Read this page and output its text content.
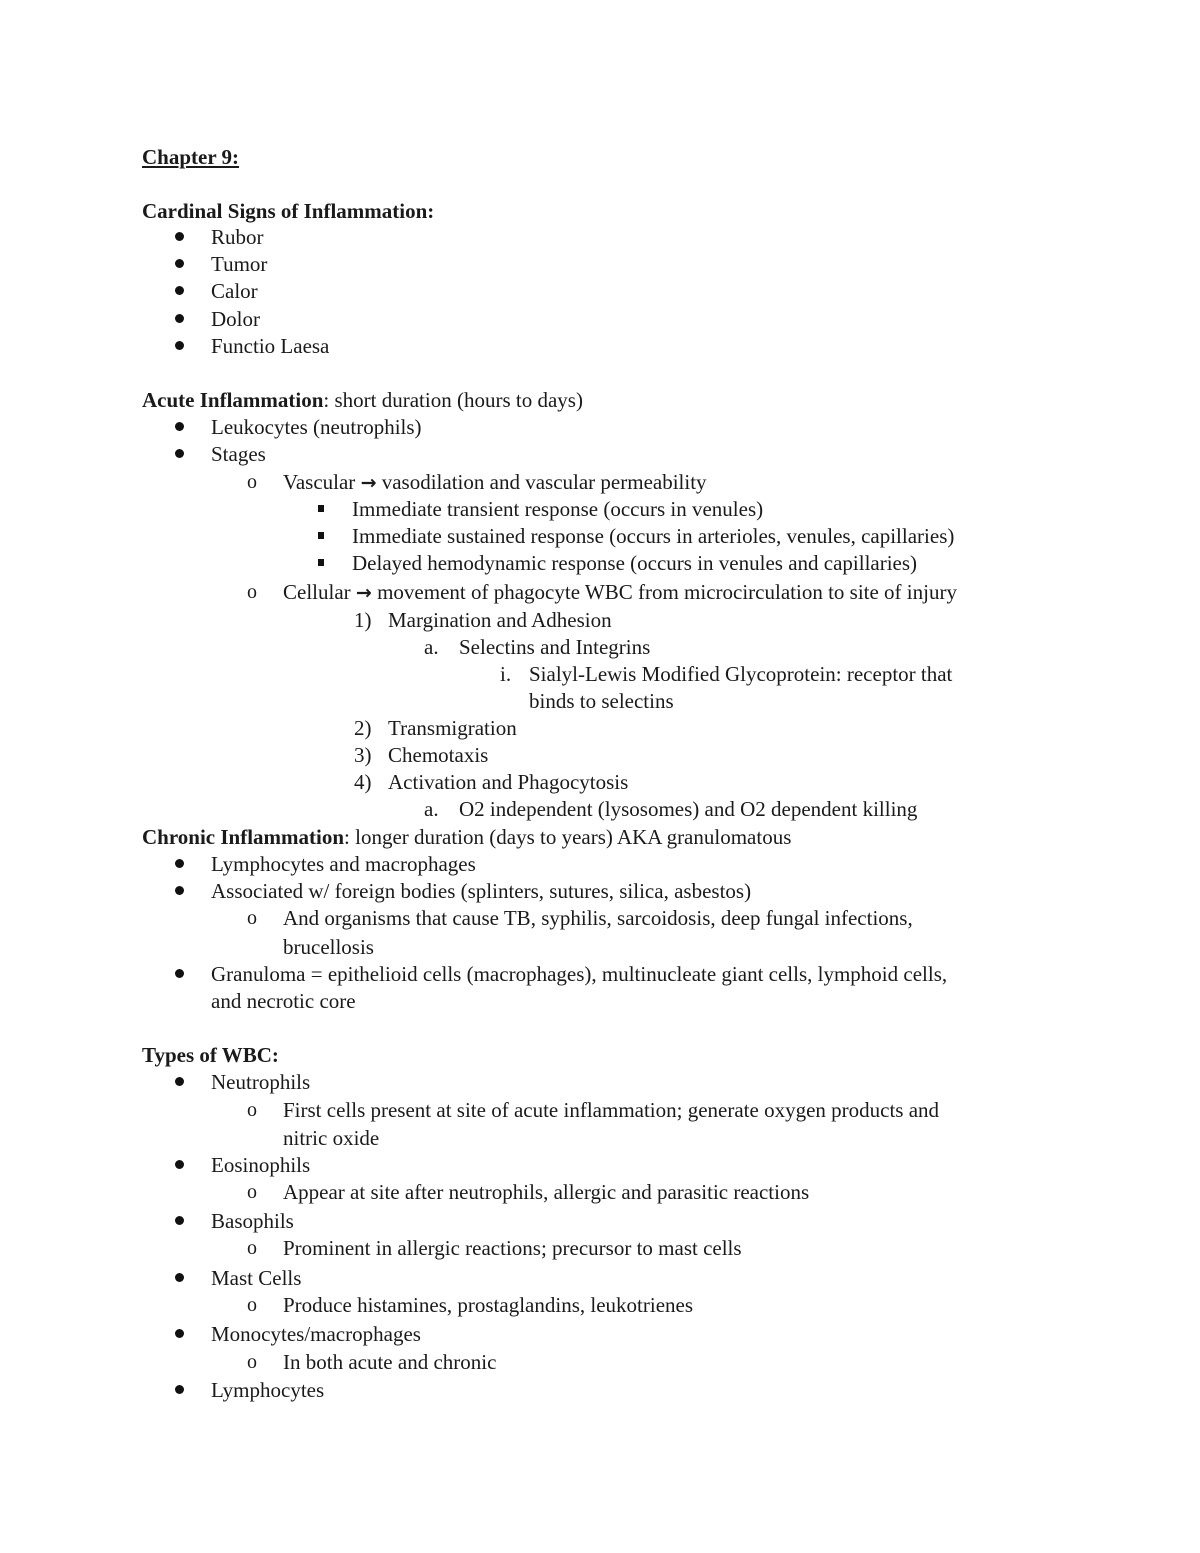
Chapter 9:
Cardinal Signs of Inflammation:
Rubor
Tumor
Calor
Dolor
Functio Laesa
Acute Inflammation: short duration (hours to days)
Leukocytes (neutrophils)
Stages
o Vascular → vasodilation and vascular permeability
Immediate transient response (occurs in venules)
Immediate sustained response (occurs in arterioles, venules, capillaries)
Delayed hemodynamic response (occurs in venules and capillaries)
o Cellular → movement of phagocyte WBC from microcirculation to site of injury
1) Margination and Adhesion
a. Selectins and Integrins
i. Sialyl-Lewis Modified Glycoprotein: receptor that
binds to selectins
2) Transmigration
3) Chemotaxis
4) Activation and Phagocytosis
a. O2 independent (lysosomes) and O2 dependent killing
Chronic Inflammation: longer duration (days to years) AKA granulomatous
Lymphocytes and macrophages
Associated w/ foreign bodies (splinters, sutures, silica, asbestos)
o And organisms that cause TB, syphilis, sarcoidosis, deep fungal infections,
brucellosis
Granuloma = epithelioid cells (macrophages), multinucleate giant cells, lymphoid cells,
and necrotic core
Types of WBC:
Neutrophils
o First cells present at site of acute inflammation; generate oxygen products and
nitric oxide
Eosinophils
o Appear at site after neutrophils, allergic and parasitic reactions
Basophils
o Prominent in allergic reactions; precursor to mast cells
Mast Cells
o Produce histamines, prostaglandins, leukotrienes
Monocytes/macrophages
o In both acute and chronic
Lymphocytes
